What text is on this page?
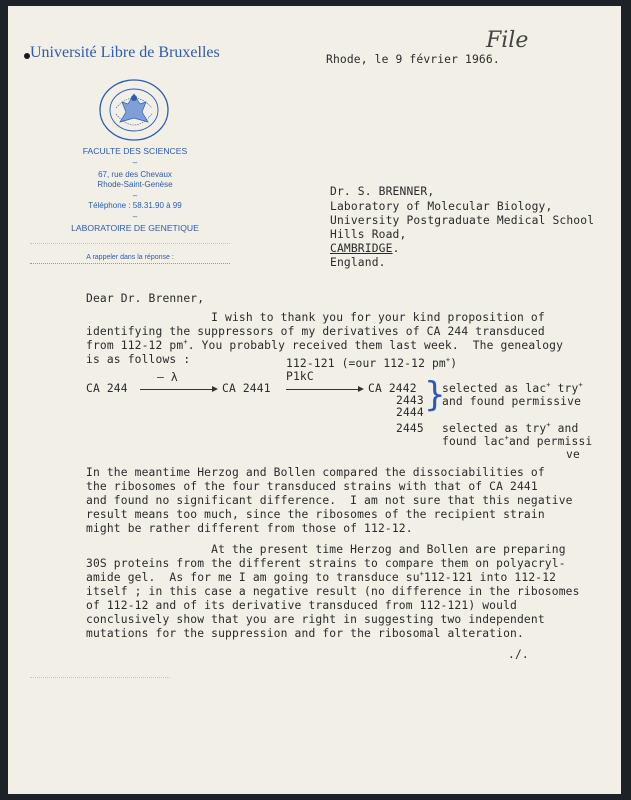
Université Libre de Bruxelles
FACULTE DES SCIENCES
–
67, rue des Chevaux
Rhode-Saint-Genèse
–
Téléphone : 58.31.90 à 99
–
LABORATOIRE DE GENETIQUE
A rappeler dans la réponse :
File
Rhode, le 9 février 1966.
Dr. S. BRENNER,
Laboratory of Molecular Biology,
University Postgraduate Medical School
Hills Road,
CAMBRIDGE.
England.
Dear Dr. Brenner,
I wish to thank you for your kind proposition of
identifying the suppressors of my derivatives of CA 244 transduced
from 112-12 pm+. You probably received them last week.  The genealogy
is as follows :	112-121 (=our 112-12 pm+)
P1kC
– λ
CA 244	CA 2441	CA 2442
2443
2444 }
selected as lac+ try+
and found permissive
2445 selected as try+ and
found lac+and permissi
ve
In the meantime Herzog and Bollen compared the dissociabilities of
the ribosomes of the four transduced strains with that of CA 2441
and found no significant difference.  I am not sure that this negative
result means too much, since the ribosomes of the recipient strain
might be rather different from those of 112-12.
At the present time Herzog and Bollen are preparing
30S proteins from the different strains to compare them on polyacryl-
amide gel.  As for me I am going to transduce su+112-121 into 112-12
itself ; in this case a negative result (no difference in the ribosomes
of 112-12 and of its derivative transduced from 112-121) would
conclusively show that you are right in suggesting two independent
mutations for the suppression and for the ribosomal alteration.
./.
